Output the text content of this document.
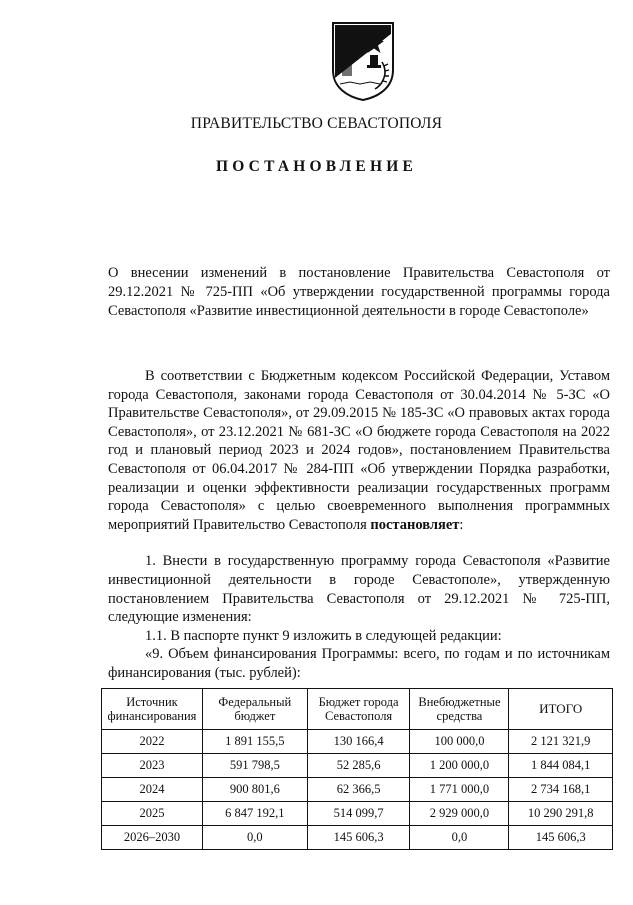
ПРАВИТЕЛЬСТВО СЕВАСТОПОЛЯ
ПОСТАНОВЛЕНИЕ
О внесении изменений в постановление Правительства Севастополя от 29.12.2021 № 725-ПП «Об утверждении государственной программы города Севастополя «Развитие инвестиционной деятельности в городе Севастополе»

В соответствии с Бюджетным кодексом Российской Федерации, Уставом города Севастополя, законами города Севастополя от 30.04.2014 № 5-ЗС «О Правительстве Севастополя», от 29.09.2015 № 185-ЗС «О правовых актах города Севастополя», от 23.12.2021 № 681-ЗС «О бюджете города Севастополя на 2022 год и плановый период 2023 и 2024 годов», постановлением Правительства Севастополя от 06.04.2017 № 284-ПП «Об утверждении Порядка разработки, реализации и оценки эффективности реализации государственных программ города Севастополя» с целью своевременного выполнения программных мероприятий Правительство Севастополя постановляет:

1. Внести в государственную программу города Севастополя «Развитие инвестиционной деятельности в городе Севастополе», утвержденную постановлением Правительства Севастополя от 29.12.2021 № 725-ПП, следующие изменения:

1.1. В паспорте пункт 9 изложить в следующей редакции:

«9. Объем финансирования Программы: всего, по годам и по источникам финансирования (тыс. рублей):

Источник финансирования	Федеральный бюджет	Бюджет города Севастополя	Внебюджетные средства	ИТОГО
2022	1 891 155,5	130 166,4	100 000,0	2 121 321,9
2023	591 798,5	52 285,6	1 200 000,0	1 844 084,1
2024	900 801,6	62 366,5	1 771 000,0	2 734 168,1
2025	6 847 192,1	514 099,7	2 929 000,0	10 290 291,8
2026–2030	0,0	145 606,3	0,0	145 606,3
